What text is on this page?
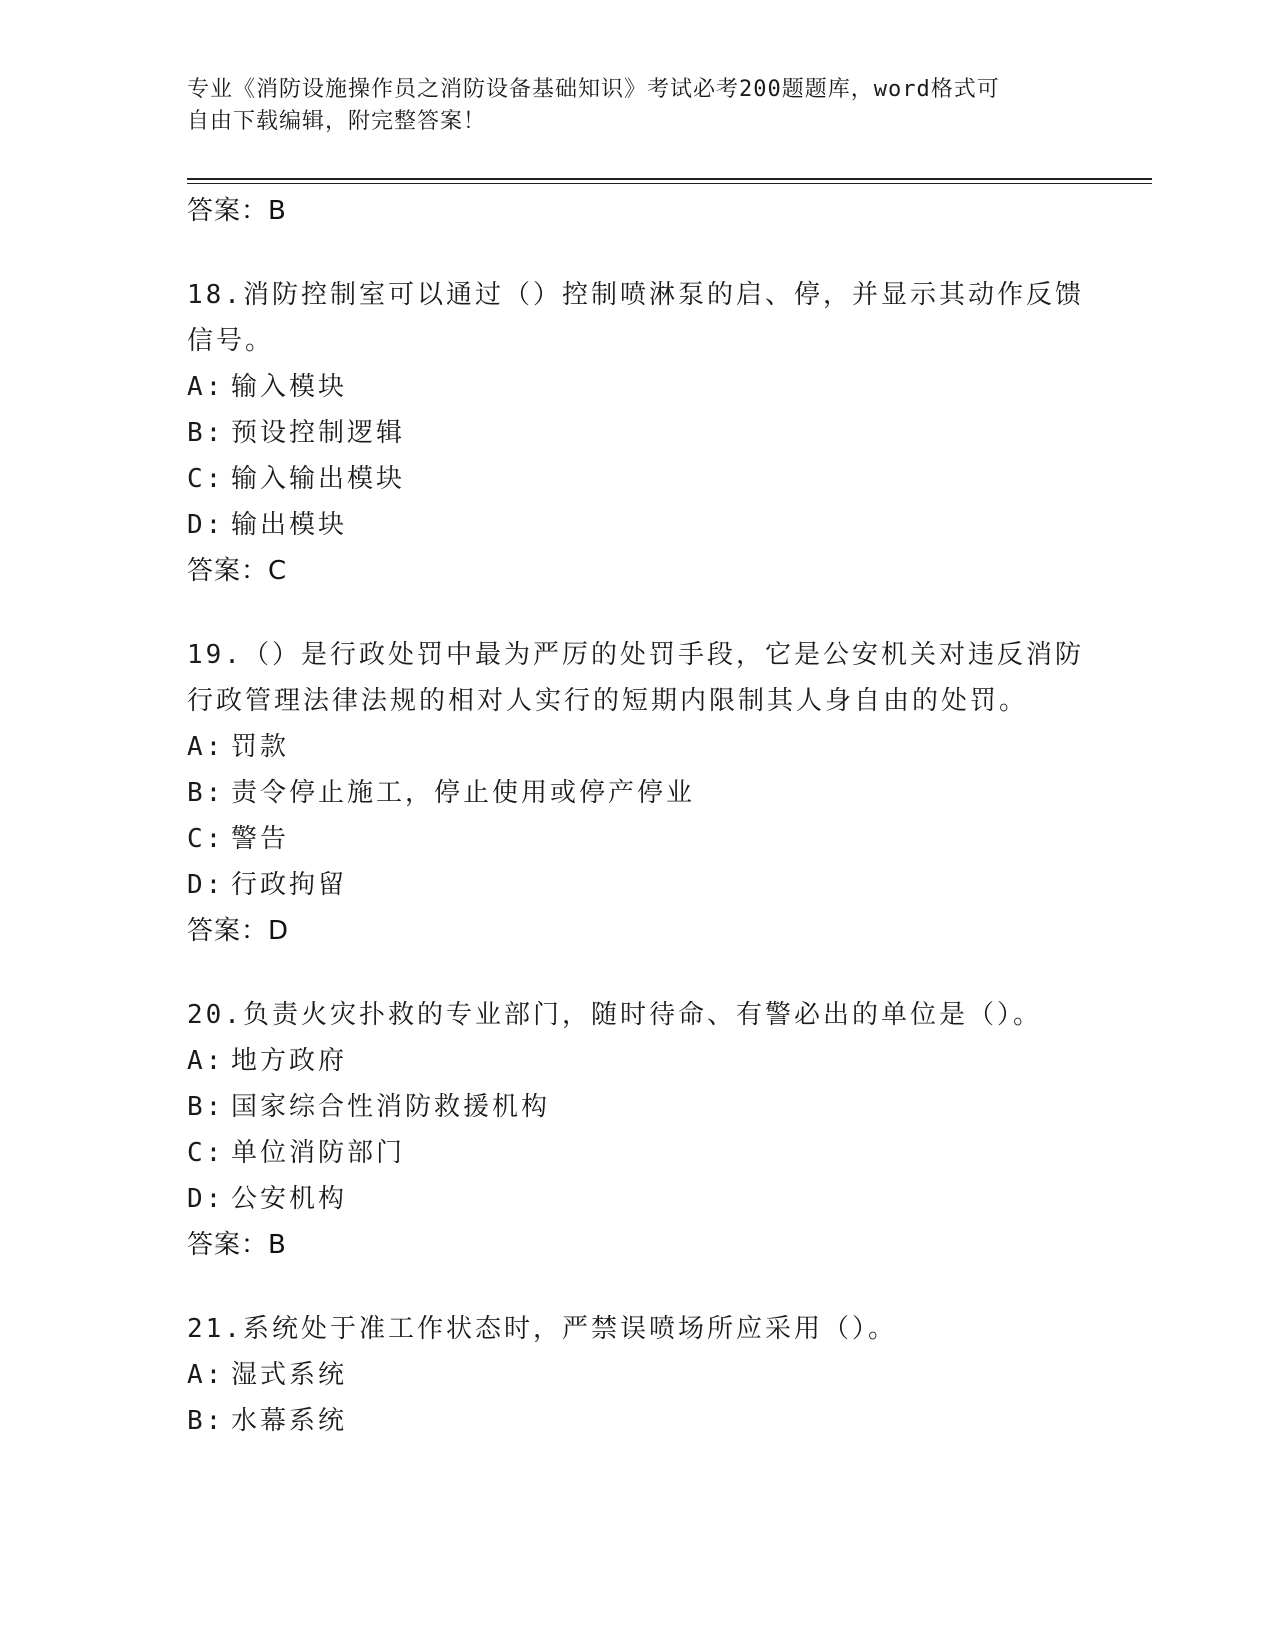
专业《消防设施操作员之消防设备基础知识》考试必考200题题库，word格式可
自由下载编辑，附完整答案！
答案：B
18.消防控制室可以通过（）控制喷淋泵的启、停，并显示其动作反馈信号。
A: 输入模块
B: 预设控制逻辑
C: 输入输出模块
D: 输出模块
答案：C
19.（）是行政处罚中最为严厉的处罚手段，它是公安机关对违反消防行政管理法律法规的相对人实行的短期内限制其人身自由的处罚。
A: 罚款
B: 责令停止施工，停止使用或停产停业
C: 警告
D: 行政拘留
答案：D
20.负责火灾扑救的专业部门，随时待命、有警必出的单位是（）。
A: 地方政府
B: 国家综合性消防救援机构
C: 单位消防部门
D: 公安机构
答案：B
21.系统处于准工作状态时，严禁误喷场所应采用（）。
A: 湿式系统
B: 水幕系统
